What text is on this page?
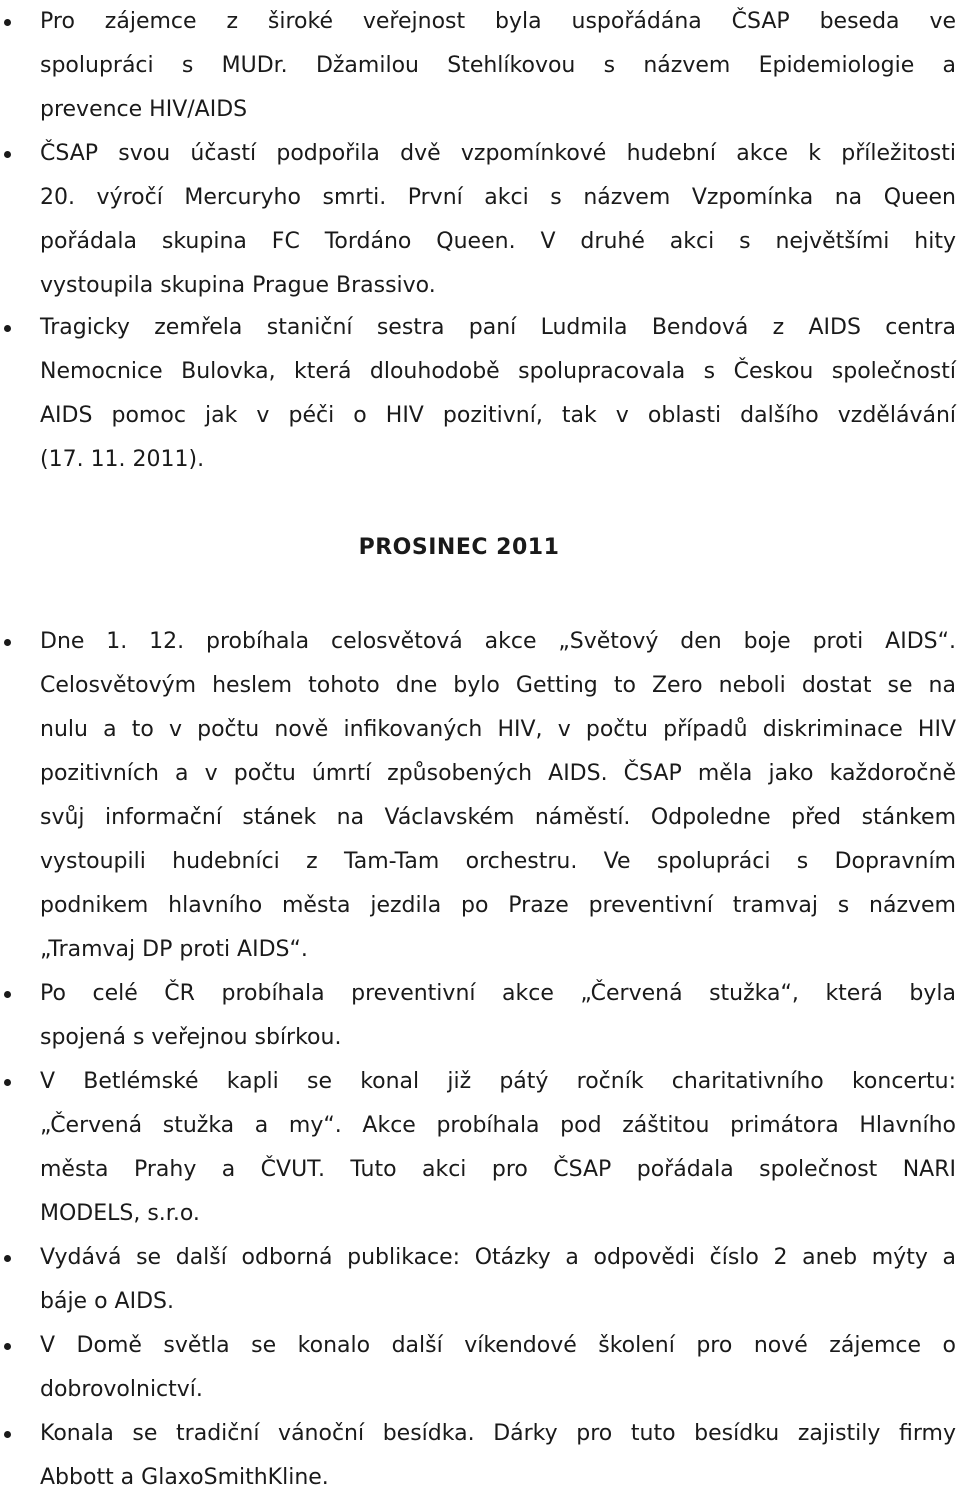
Pro zájemce z široké veřejnost byla uspořádána ČSAP beseda ve
spolupráci s MUDr. Džamilou Stehlíkovou s názvem Epidemiologie a
prevence HIV/AIDS
ČSAP svou účastí podpořila dvě vzpomínkové hudební akce k příležitosti
20. výročí Mercuryho smrti. První akci s názvem Vzpomínka na Queen
pořádala skupina FC Tordáno Queen. V druhé akci s největšími hity
vystoupila skupina Prague Brassivo.
Tragicky zemřela staniční sestra paní Ludmila Bendová z AIDS centra
Nemocnice Bulovka, která dlouhodobě spolupracovala s Českou společností
AIDS pomoc jak v péči o HIV pozitivní, tak v oblasti dalšího vzdělávání
(17. 11. 2011).
PROSINEC 2011
Dne 1. 12. probíhala celosvětová akce „Světový den boje proti AIDS“.
Celosvětovým heslem tohoto dne bylo Getting to Zero neboli dostat se na
nulu a to v počtu nově infikovaných HIV, v počtu případů diskriminace HIV
pozitivních a v počtu úmrtí způsobených AIDS. ČSAP měla jako každoročně
svůj informační stánek na Václavském náměstí. Odpoledne před stánkem
vystoupili hudebníci z Tam-Tam orchestru. Ve spolupráci s Dopravním
podnikem hlavního města jezdila po Praze preventivní tramvaj s názvem
„Tramvaj DP proti AIDS“.
Po celé ČR probíhala preventivní akce „Červená stužka“, která byla
spojená s veřejnou sbírkou.
V Betlémské kapli se konal již pátý ročník charitativního koncertu:
„Červená stužka a my“. Akce probíhala pod záštitou primátora Hlavního
města Prahy a ČVUT. Tuto akci pro ČSAP pořádala společnost NARI
MODELS, s.r.o.
Vydává se další odborná publikace: Otázky a odpovědi číslo 2 aneb mýty a
báje o AIDS.
V Domě světla se konalo další víkendové školení pro nové zájemce o
dobrovolnictví.
Konala se tradiční vánoční besídka. Dárky pro tuto besídku zajistily firmy
Abbott a GlaxoSmithKline.
